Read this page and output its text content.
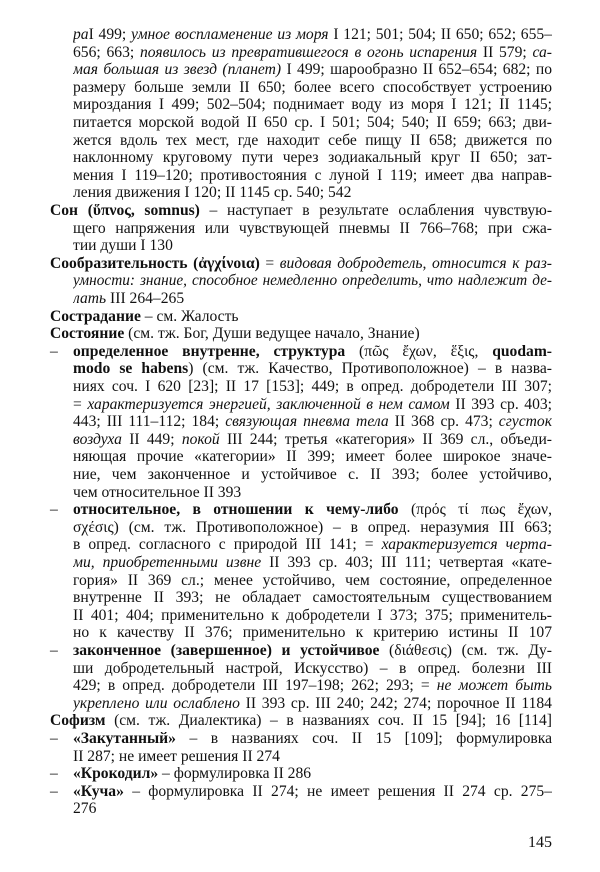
раI 499; умное воспламенение из моря I 121; 501; 504; II 650; 652; 655–
656; 663; появилось из превратившегося в огонь испарения II 579; са-
мая большая из звезд (планет) I 499; шарообразно II 652–654; 682; по
размеру больше земли II 650; более всего способствует устроению
мироздания I 499; 502–504; поднимает воду из моря I 121; II 1145;
питается морской водой II 650 ср. I 501; 504; 540; II 659; 663; дви-
жется вдоль тех мест, где находит себе пищу II 658; движется по
наклонному круговому пути через зодиакальный круг II 650; зат-
мения I 119–120; противостояния с луной I 119; имеет два направ-
ления движения I 120; II 1145 ср. 540; 542
Сон (ὕπνος, somnus) – наступает в результате ослабления чувствую-
щего напряжения или чувствующей пневмы II 766–768; при сжа-
тии души I 130
Сообразительность (ἀγχίνοια) = видовая добродетель, относится к раз-
умности: знание, способное немедленно определить, что надлежит де-
лать III 264–265
Сострадание – см. Жалость
Состояние (см. тж. Бог, Души ведущее начало, Знание)
– определенное внутренне, структура (πῶς ἔχων, ἕξις, quodam-
modo se habens) (см. тж. Качество, Противоположное) – в назва-
ниях соч. I 620 [23]; II 17 [153]; 449; в опред. добродетели III 307;
= характеризуется энергией, заключенной в нем самом II 393 ср. 403;
443; III 111–112; 184; связующая пневма тела II 368 ср. 473; сгусток
воздуха II 449; покой III 244; третья «категория» II 369 сл., объеди-
няющая прочие «категории» II 399; имеет более широкое значе-
ние, чем законченное и устойчивое с. II 393; более устойчиво,
чем относительное II 393
– относительное, в отношении к чему-либо (πρός τί πως ἔχων,
σχέσις) (см. тж. Противоположное) – в опред. неразумия III 663;
в опред. согласного с природой III 141; = характеризуется черта-
ми, приобретенными извне II 393 ср. 403; III 111; четвертая «кате-
гория» II 369 сл.; менее устойчиво, чем состояние, определенное
внутренне II 393; не обладает самостоятельным существованием
II 401; 404; применительно к добродетели I 373; 375; применитель-
но к качеству II 376; применительно к критерию истины II 107
– законченное (завершенное) и устойчивое (διάθεσις) (см. тж. Ду-
ши добродетельный настрой, Искусство) – в опред. болезни III
429; в опред. добродетели III 197–198; 262; 293; = не может быть
укреплено или ослаблено II 393 ср. III 240; 242; 274; порочное II 1184
Софизм (см. тж. Диалектика) – в названиях соч. II 15 [94]; 16 [114]
– «Закутанный» – в названиях соч. II 15 [109]; формулировка
II 287; не имеет решения II 274
– «Крокодил» – формулировка II 286
– «Куча» – формулировка II 274; не имеет решения II 274 ср. 275–
276
145
